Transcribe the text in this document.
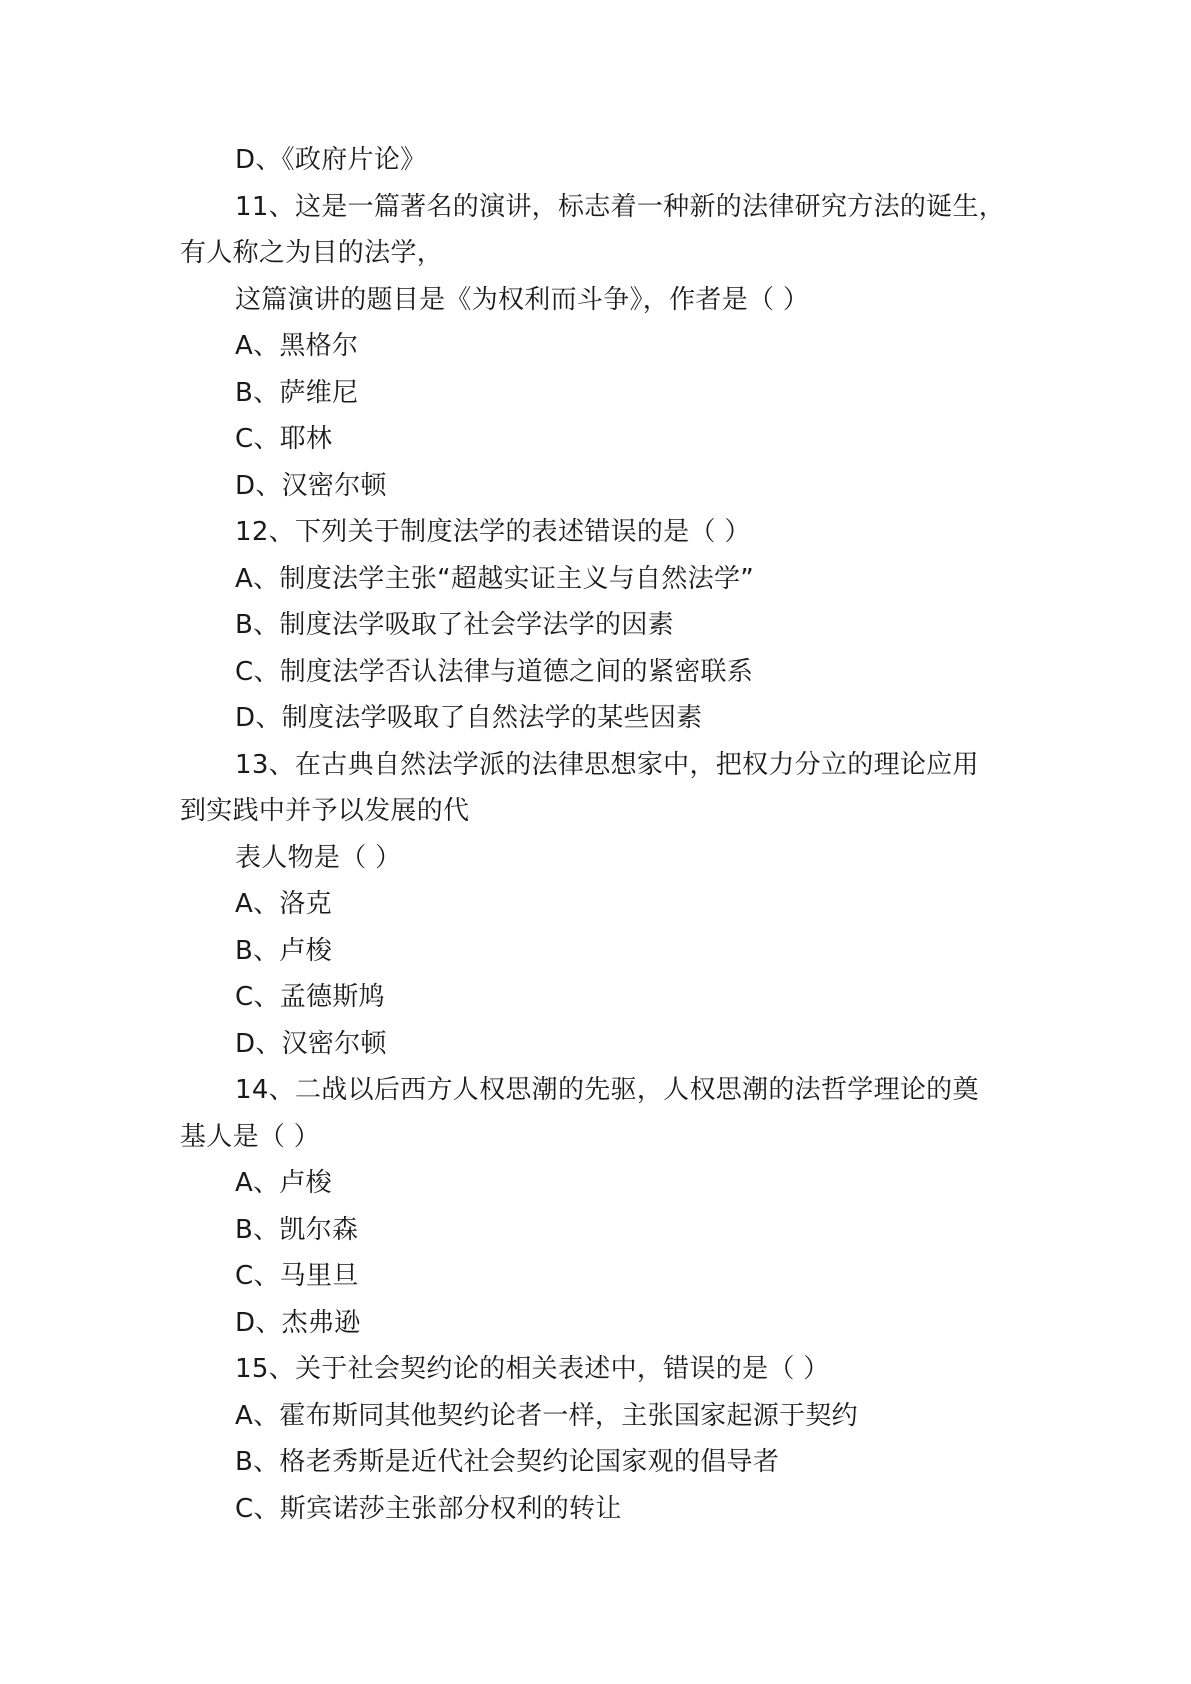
D、《政府片论》
11、这是一篇著名的演讲，标志着一种新的法律研究方法的诞生，
有人称之为目的法学，
这篇演讲的题目是《为权利而斗争》，作者是（ ）
A、黑格尔
B、萨维尼
C、耶林
D、汉密尔顿
12、下列关于制度法学的表述错误的是（ ）
A、制度法学主张“超越实证主义与自然法学”
B、制度法学吸取了社会学法学的因素
C、制度法学否认法律与道德之间的紧密联系
D、制度法学吸取了自然法学的某些因素
13、在古典自然法学派的法律思想家中，把权力分立的理论应用
到实践中并予以发展的代
表人物是（ ）
A、洛克
B、卢梭
C、孟德斯鸠
D、汉密尔顿
14、二战以后西方人权思潮的先驱，人权思潮的法哲学理论的奠
基人是（ ）
A、卢梭
B、凯尔森
C、马里旦
D、杰弗逊
15、关于社会契约论的相关表述中，错误的是（ ）
A、霍布斯同其他契约论者一样，主张国家起源于契约
B、格老秀斯是近代社会契约论国家观的倡导者
C、斯宾诺莎主张部分权利的转让
